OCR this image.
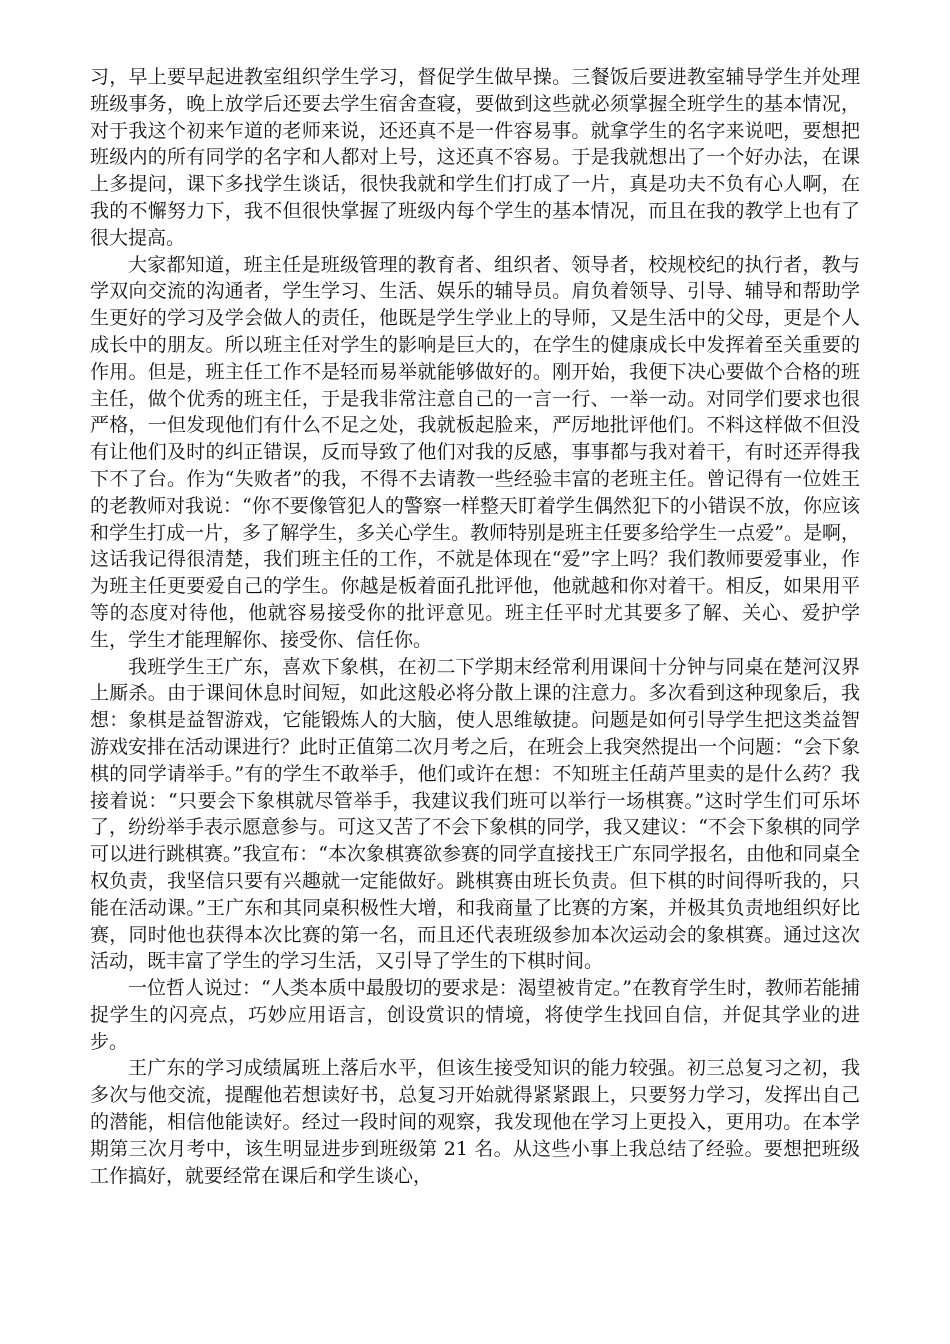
习，早上要早起进教室组织学生学习，督促学生做早操。三餐饭后要进教室辅导学生并处理班级事务，晚上放学后还要去学生宿舍查寝，要做到这些就必须掌握全班学生的基本情况，对于我这个初来乍道的老师来说，还还真不是一件容易事。就拿学生的名字来说吧，要想把班级内的所有同学的名字和人都对上号，这还真不容易。于是我就想出了一个好办法，在课上多提问，课下多找学生谈话，很快我就和学生们打成了一片，真是功夫不负有心人啊，在我的不懈努力下，我不但很快掌握了班级内每个学生的基本情况，而且在我的教学上也有了很大提高。

大家都知道，班主任是班级管理的教育者、组织者、领导者，校规校纪的执行者，教与学双向交流的沟通者，学生学习、生活、娱乐的辅导员。肩负着领导、引导、辅导和帮助学生更好的学习及学会做人的责任，他既是学生学业上的导师，又是生活中的父母，更是个人成长中的朋友。所以班主任对学生的影响是巨大的，在学生的健康成长中发挥着至关重要的作用。但是，班主任工作不是轻而易举就能够做好的。刚开始，我便下决心要做个合格的班主任，做个优秀的班主任，于是我非常注意自己的一言一行、一举一动。对同学们要求也很严格，一但发现他们有什么不足之处，我就板起脸来，严厉地批评他们。不料这样做不但没有让他们及时的纠正错误，反而导致了他们对我的反感，事事都与我对着干，有时还弄得我下不了台。作为“失败者”的我，不得不去请教一些经验丰富的老班主任。曾记得有一位姓王的老教师对我说：“你不要像管犯人的警察一样整天盯着学生偶然犯下的小错误不放，你应该和学生打成一片，多了解学生，多关心学生。教师特别是班主任要多给学生一点爱”。是啊，这话我记得很清楚，我们班主任的工作，不就是体现在“爱”字上吗？我们教师要爱事业，作为班主任更要爱自己的学生。你越是板着面孔批评他，他就越和你对着干。相反，如果用平等的态度对待他，他就容易接受你的批评意见。班主任平时尤其要多了解、关心、爱护学生，学生才能理解你、接受你、信任你。

我班学生王广东，喜欢下象棋，在初二下学期末经常利用课间十分钟与同桌在楚河汉界上厮杀。由于课间休息时间短，如此这般必将分散上课的注意力。多次看到这种现象后，我想：象棋是益智游戏，它能锻炼人的大脑，使人思维敏捷。问题是如何引导学生把这类益智游戏安排在活动课进行？此时正值第二次月考之后，在班会上我突然提出一个问题：“会下象棋的同学请举手。”有的学生不敢举手，他们或许在想：不知班主任葫芦里卖的是什么药？我接着说：“只要会下象棋就尽管举手，我建议我们班可以举行一场棋赛。”这时学生们可乐坏了，纷纷举手表示愿意参与。可这又苦了不会下象棋的同学，我又建议：“不会下象棋的同学可以进行跳棋赛。”我宣布：“本次象棋赛欲参赛的同学直接找王广东同学报名，由他和同桌全权负责，我坚信只要有兴趣就一定能做好。跳棋赛由班长负责。但下棋的时间得听我的，只能在活动课。”王广东和其同桌积极性大增，和我商量了比赛的方案，并极其负责地组织好比赛，同时他也获得本次比赛的第一名，而且还代表班级参加本次运动会的象棋赛。通过这次活动，既丰富了学生的学习生活，又引导了学生的下棋时间。

一位哲人说过：“人类本质中最殷切的要求是：渴望被肯定。”在教育学生时，教师若能捕捉学生的闪亮点，巧妙应用语言，创设赏识的情境，将使学生找回自信，并促其学业的进步。

王广东的学习成绩属班上落后水平，但该生接受知识的能力较强。初三总复习之初，我多次与他交流，提醒他若想读好书，总复习开始就得紧紧跟上，只要努力学习，发挥出自己的潜能，相信他能读好。经过一段时间的观察，我发现他在学习上更投入，更用功。在本学期第三次月考中，该生明显进步到班级第 21 名。从这些小事上我总结了经验。要想把班级工作搞好，就要经常在课后和学生谈心，
